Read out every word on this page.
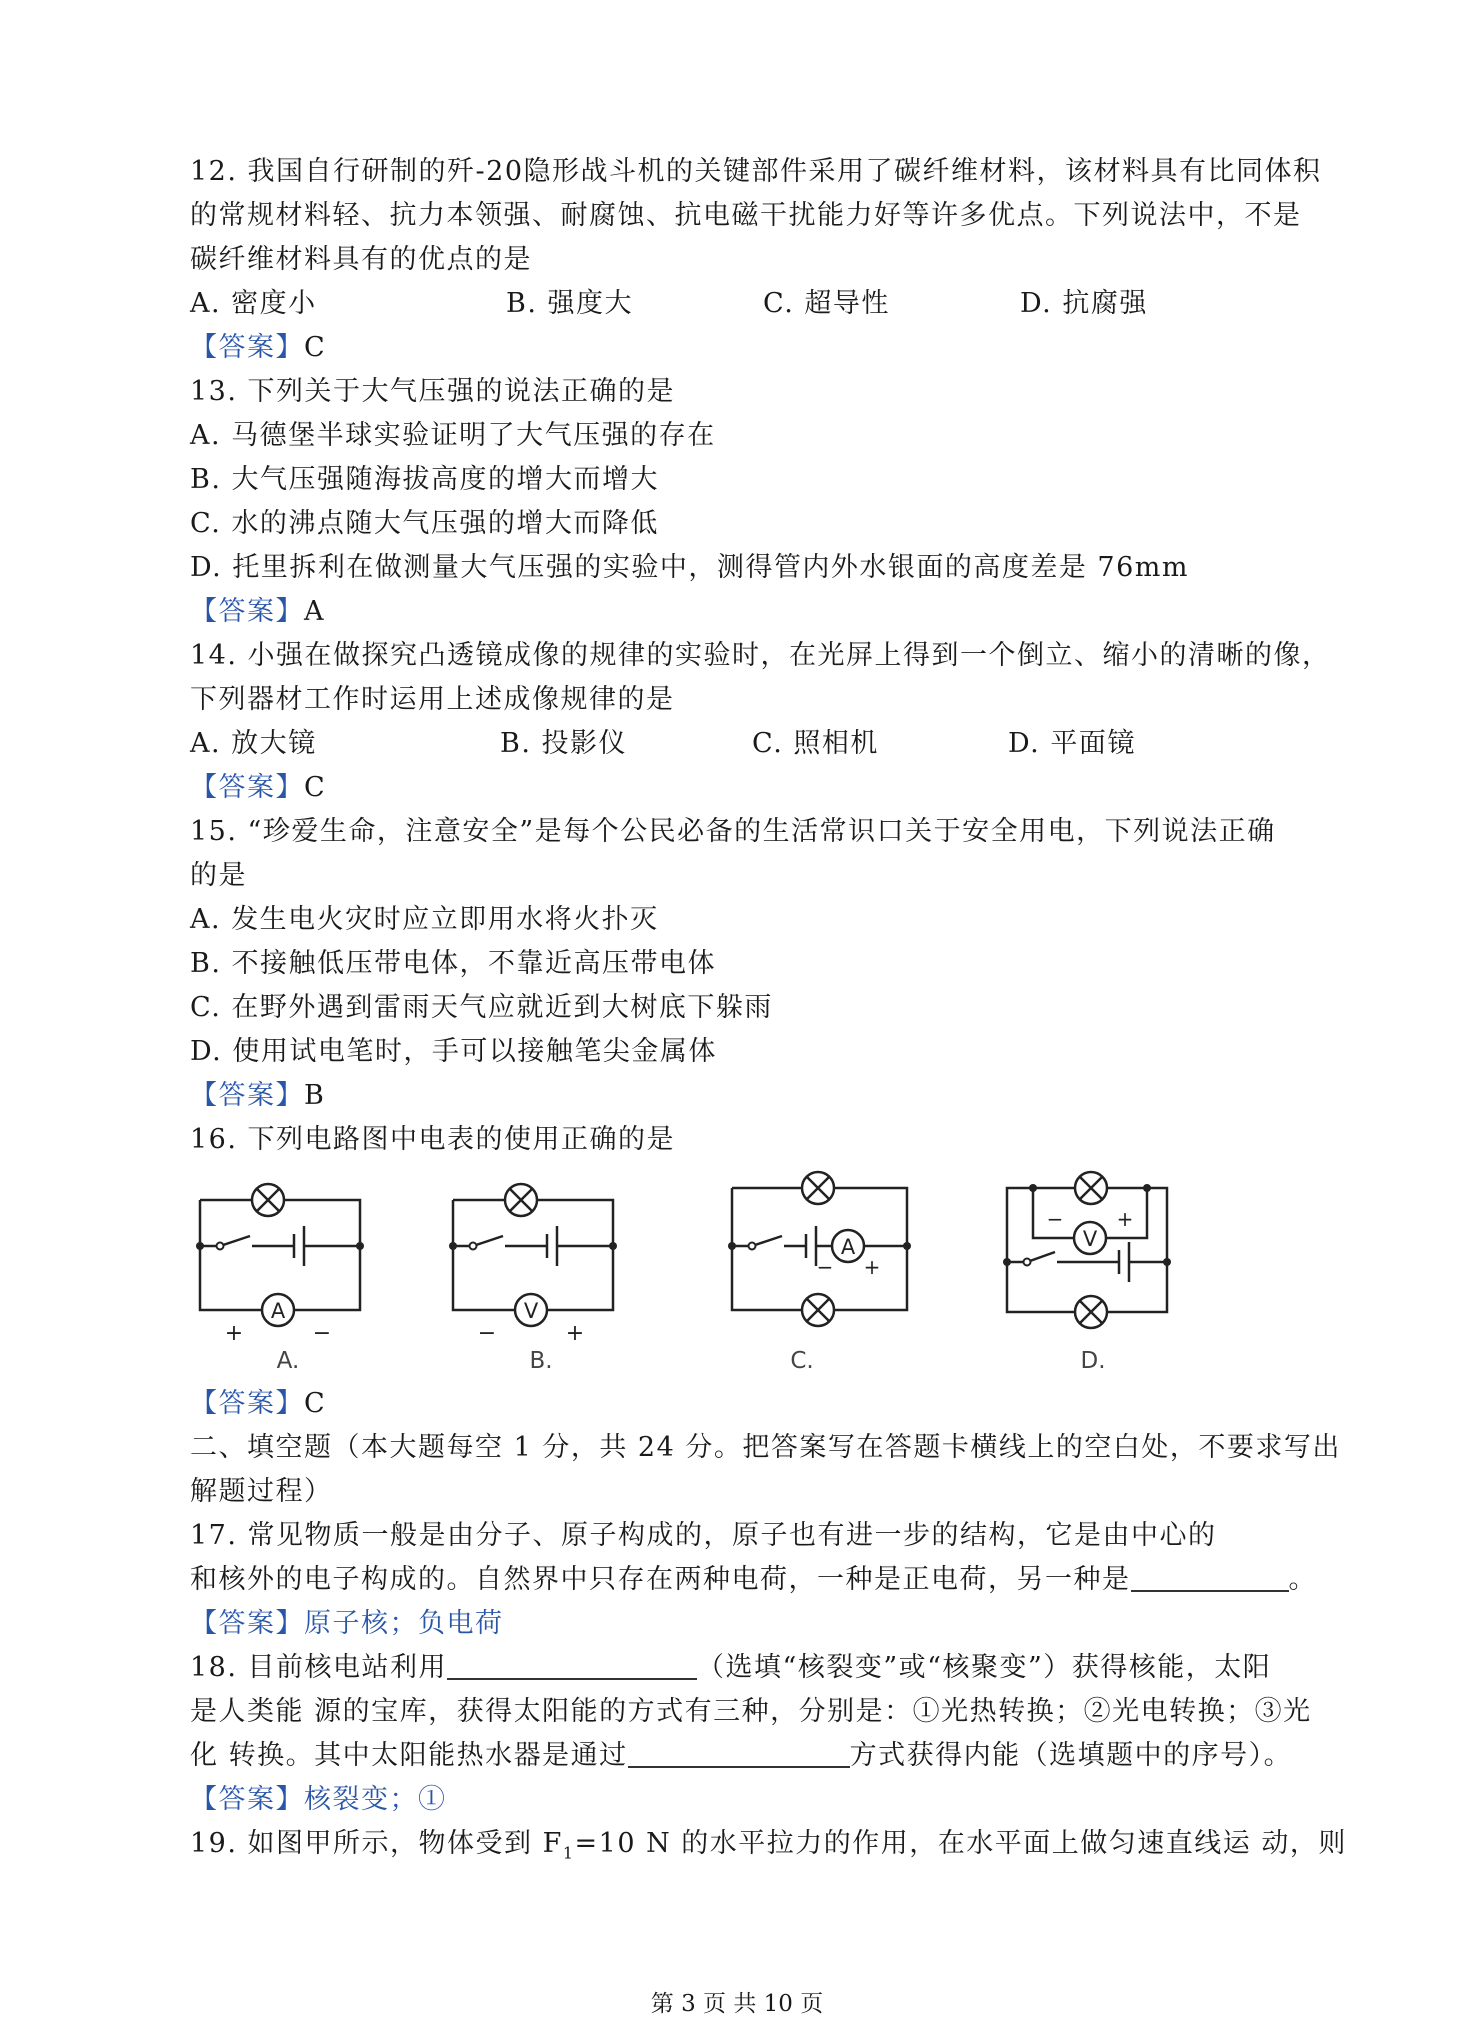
12. 我国自行研制的歼-20隐形战斗机的关键部件采用了碳纤维材料，该材料具有比同体积
的常规材料轻、抗力本领强、耐腐蚀、抗电磁干扰能力好等许多优点。下列说法中，不是
碳纤维材料具有的优点的是
A. 密度小	B. 强度大	C. 超导性	D. 抗腐强
【答案】C
13. 下列关于大气压强的说法正确的是
A. 马德堡半球实验证明了大气压强的存在
B. 大气压强随海拔高度的增大而增大
C. 水的沸点随大气压强的增大而降低
D. 托里拆利在做测量大气压强的实验中，测得管内外水银面的高度差是 76mm
【答案】A
14. 小强在做探究凸透镜成像的规律的实验时，在光屏上得到一个倒立、缩小的清晰的像，
下列器材工作时运用上述成像规律的是
A. 放大镜	B. 投影仪	C. 照相机	D. 平面镜
【答案】C
15. “珍爱生命，注意安全”是每个公民必备的生活常识口关于安全用电，下列说法正确
的是
A. 发生电火灾时应立即用水将火扑灭
B. 不接触低压带电体，不靠近高压带电体
C. 在野外遇到雷雨天气应就近到大树底下躲雨
D. 使用试电笔时，手可以接触笔尖金属体
【答案】B
16. 下列电路图中电表的使用正确的是
A
+	−
A.
V
−	+
B.
A
− +
C.
V
−	+
D.
【答案】C
二、填空题（本大题每空 1 分，共 24 分。把答案写在答题卡横线上的空白处，不要求写出
解题过程）
17. 常见物质一般是由分子、原子构成的，原子也有进一步的结构，它是由中心的
和核外的电子构成的。自然界中只存在两种电荷，一种是正电荷，另一种是	。
【答案】原子核；负电荷
18. 目前核电站利用	（选填“核裂变”或“核聚变”）获得核能，太阳
是人类能 源的宝库，获得太阳能的方式有三种，分别是：①光热转换；②光电转换；③光
化 转换。其中太阳能热水器是通过	方式获得内能（选填题中的序号）。
【答案】核裂变；①
19. 如图甲所示，物体受到 $F_1=10$ N 的水平拉力的作用，在水平面上做匀速直线运 动，则
第 3 页 共 10 页
